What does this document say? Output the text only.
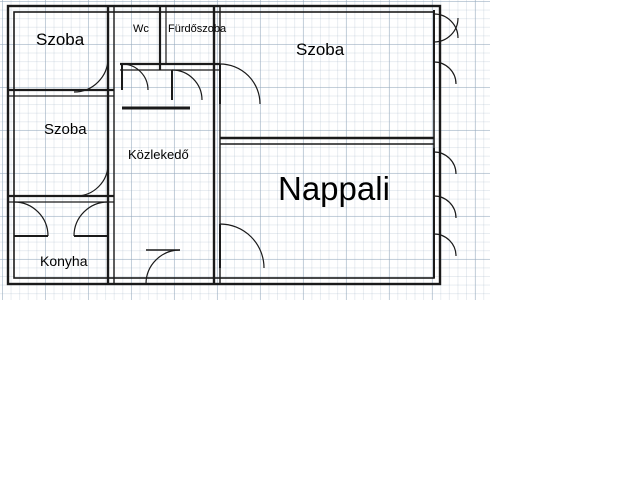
Szoba
Szoba
Konyha
Wc Fürdőszoba
Közlekedő
Szoba
Nappali
